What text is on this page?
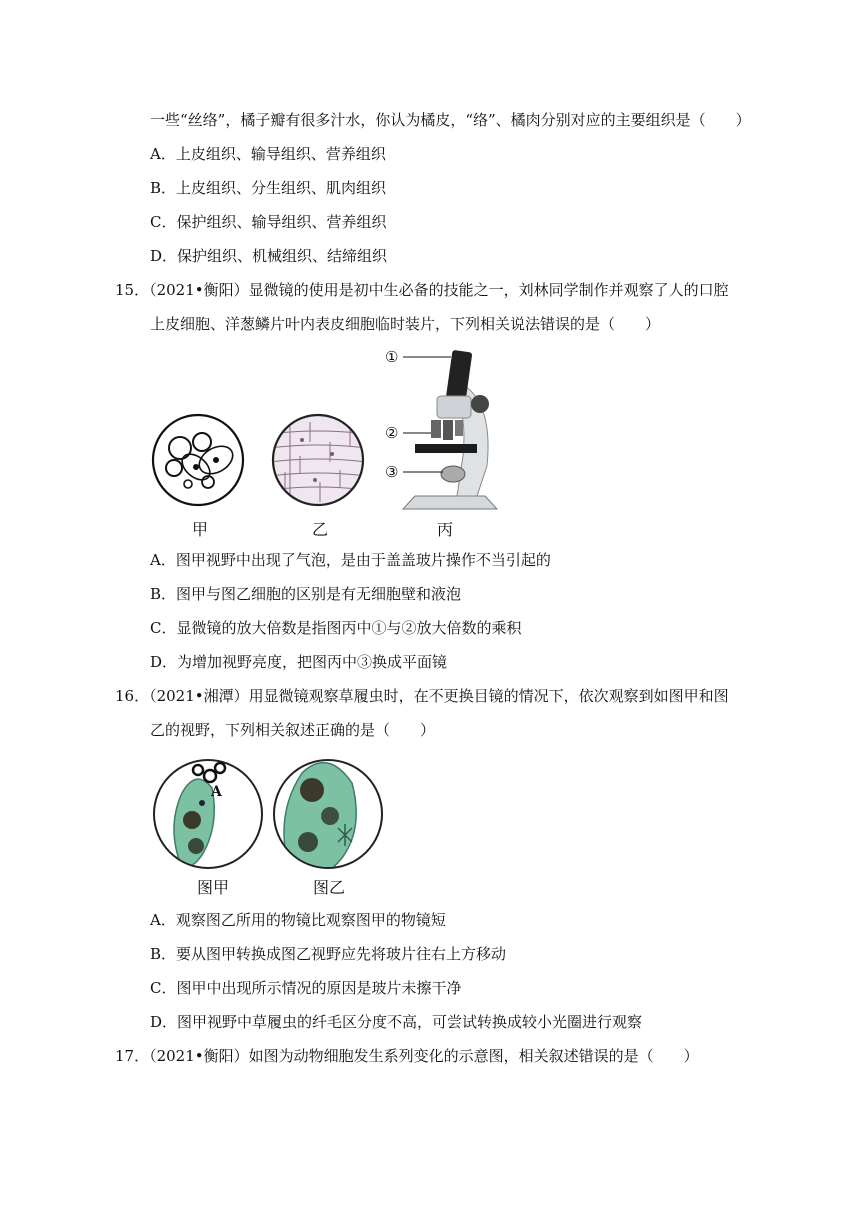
一些“丝络”，橘子瓣有很多汁水，你认为橘皮，“络”、橘肉分别对应的主要组织是（　　）
A．上皮组织、输导组织、营养组织
B．上皮组织、分生组织、肌肉组织
C．保护组织、输导组织、营养组织
D．保护组织、机械组织、结缔组织
15．（2021•衡阳）显微镜的使用是初中生必备的技能之一，刘林同学制作并观察了人的口腔
上皮细胞、洋葱鳞片叶内表皮细胞临时装片，下列相关说法错误的是（　　）
①
②
③
甲	乙	丙
A．图甲视野中出现了气泡，是由于盖盖玻片操作不当引起的
B．图甲与图乙细胞的区别是有无细胞壁和液泡
C．显微镜的放大倍数是指图丙中①与②放大倍数的乘积
D．为增加视野亮度，把图丙中③换成平面镜
16．（2021•湘潭）用显微镜观察草履虫时，在不更换目镜的情况下，依次观察到如图甲和图
乙的视野，下列相关叙述正确的是（　　）
A
图甲	图乙
A．观察图乙所用的物镜比观察图甲的物镜短
B．要从图甲转换成图乙视野应先将玻片往右上方移动
C．图甲中出现所示情况的原因是玻片未擦干净
D．图甲视野中草履虫的纤毛区分度不高，可尝试转换成较小光圈进行观察
17．（2021•衡阳）如图为动物细胞发生系列变化的示意图，相关叙述错误的是（　　）
